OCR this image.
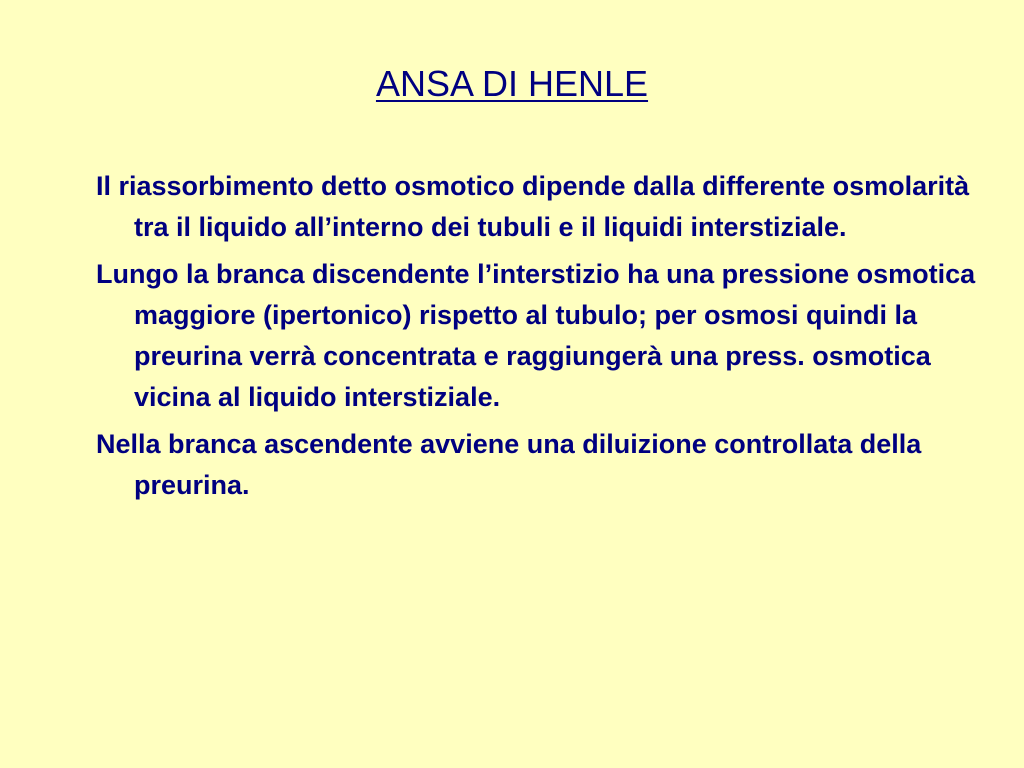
ANSA DI HENLE
Il riassorbimento detto osmotico dipende dalla differente osmolarità tra il liquido all’interno dei tubuli e il liquidi interstiziale.
Lungo la branca discendente l’interstizio ha una pressione osmotica maggiore (ipertonico) rispetto al tubulo; per osmosi quindi la preurina verrà concentrata e raggiungerà una press. osmotica vicina al liquido interstiziale.
Nella branca ascendente avviene una diluizione controllata della preurina.
